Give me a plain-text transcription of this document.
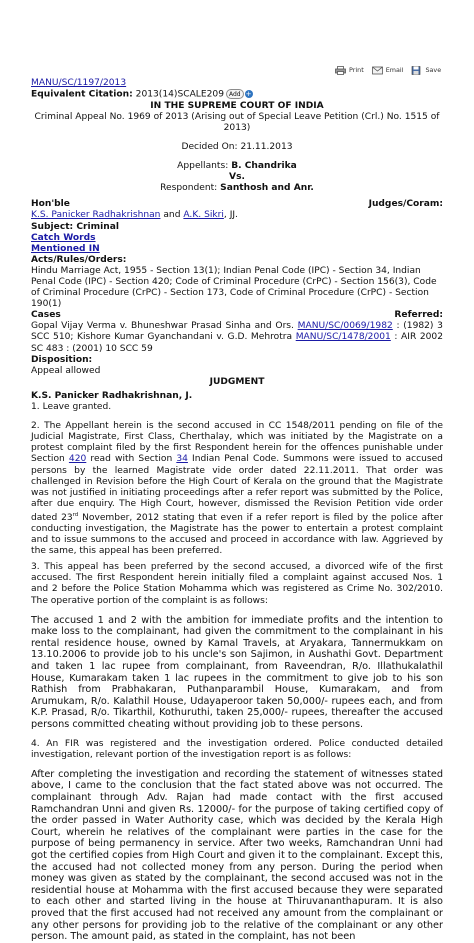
Print	Email	Save
MANU/SC/1197/2013
Equivalent Citation: 2013(14)SCALE209 Add +
IN THE SUPREME COURT OF INDIA
Criminal Appeal No. 1969 of 2013 (Arising out of Special Leave Petition (Crl.) No. 1515 of 2013)
Decided On: 21.11.2013
Appellants: B. Chandrika
Vs.
Respondent: Santhosh and Anr.
Hon'ble	Judges/Coram:
K.S. Panicker Radhakrishnan and A.K. Sikri, JJ.
Subject: Criminal
Catch Words
Mentioned IN
Acts/Rules/Orders:
Hindu Marriage Act, 1955 - Section 13(1); Indian Penal Code (IPC) - Section 34, Indian Penal Code (IPC) - Section 420; Code of Criminal Procedure (CrPC) - Section 156(3), Code of Criminal Procedure (CrPC) - Section 173, Code of Criminal Procedure (CrPC) - Section 190(1)
Cases	Referred:
Gopal Vijay Verma v. Bhuneshwar Prasad Sinha and Ors. MANU/SC/0069/1982 : (1982) 3 SCC 510; Kishore Kumar Gyanchandani v. G.D. Mehrotra MANU/SC/1478/2001 : AIR 2002 SC 483 : (2001) 10 SCC 59
Disposition:
Appeal allowed
JUDGMENT
K.S. Panicker Radhakrishnan, J.

1. Leave granted.

2. The Appellant herein is the second accused in CC 1548/2011 pending on file of the Judicial Magistrate, First Class, Cherthalay, which was initiated by the Magistrate on a protest complaint filed by the first Respondent herein for the offences punishable under Section 420 read with Section 34 Indian Penal Code. Summons were issued to accused persons by the learned Magistrate vide order dated 22.11.2011. That order was challenged in Revision before the High Court of Kerala on the ground that the Magistrate was not justified in initiating proceedings after a refer report was submitted by the Police, after due enquiry. The High Court, however, dismissed the Revision Petition vide order dated 23rd November, 2012 stating that even if a refer report is filed by the police after conducting investigation, the Magistrate has the power to entertain a protest complaint and to issue summons to the accused and proceed in accordance with law. Aggrieved by the same, this appeal has been preferred.

3. This appeal has been preferred by the second accused, a divorced wife of the first accused. The first Respondent herein initially filed a complaint against accused Nos. 1 and 2 before the Police Station Mohamma which was registered as Crime No. 302/2010. The operative portion of the complaint is as follows:

The accused 1 and 2 with the ambition for immediate profits and the intention to make loss to the complainant, had given the commitment to the complainant in his rental residence house, owned by Kamal Travels, at Aryakara, Tannermukkam on 13.10.2006 to provide job to his uncle's son Sajimon, in Aushathi Govt. Department and taken 1 lac rupee from complainant, from Raveendran, R/o. Illathukalathil House, Kumarakam taken 1 lac rupees in the commitment to give job to his son Rathish from Prabhakaran, Puthanparambil House, Kumarakam, and from Arumukam, R/o. Kalathil House, Udayaperoor taken 50,000/- rupees each, and from K.P. Prasad, R/o. Tikarthil, Kothuruthi, taken 25,000/- rupees, thereafter the accused persons committed cheating without providing job to these persons.

4. An FIR was registered and the investigation ordered. Police conducted detailed investigation, relevant portion of the investigation report is as follows:

After completing the investigation and recording the statement of witnesses stated above, I came to the conclusion that the fact stated above was not occurred. The complainant through Adv. Rajan had made contact with the first accused Ramchandran Unni and given Rs. 12000/- for the purpose of taking certified copy of the order passed in Water Authority case, which was decided by the Kerala High Court, wherein he relatives of the complainant were parties in the case for the purpose of being permanency in service. After two weeks, Ramchandran Unni had got the certified copies from High Court and given it to the complainant. Except this, the accused had not collected money from any person. During the period when money was given as stated by the complainant, the second accused was not in the residential house at Mohamma with the first accused because they were separated to each other and started living in the house at Thiruvananthapuram. It is also proved that the first accused had not received any amount from the complainant or any other persons for providing job to the relative of the complainant or any other person. The amount paid, as stated in the complaint, has not been
